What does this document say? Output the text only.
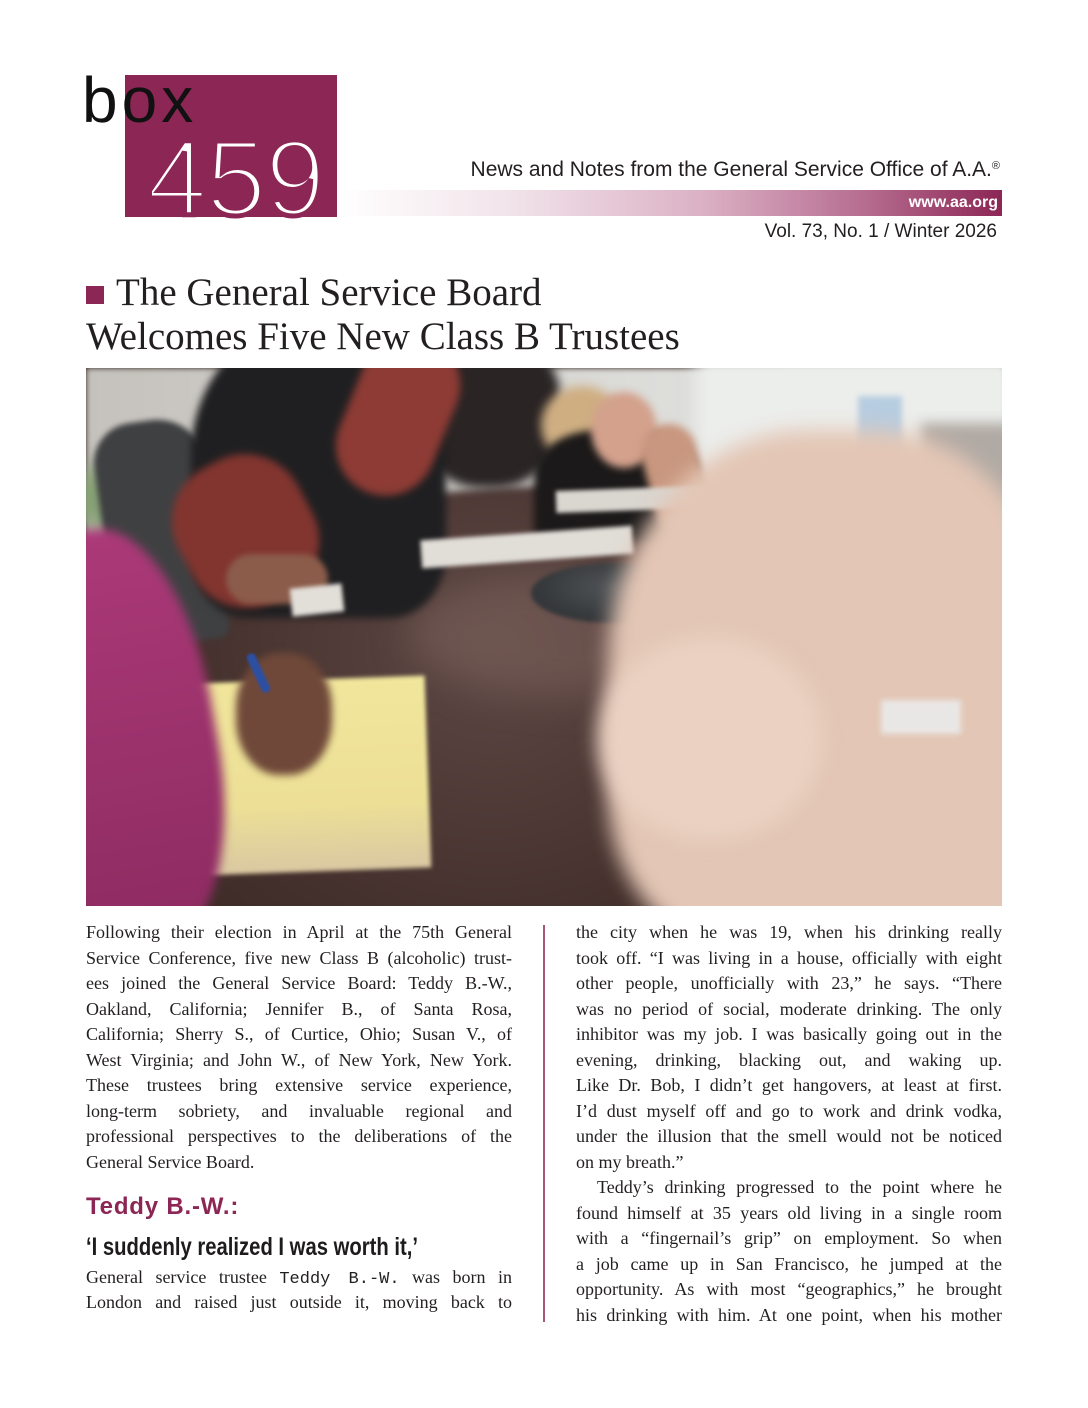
box
459	News and Notes from the General Service Office of A.A.®
www.aa.org
Vol. 73, No. 1 / Winter 2026
The General Service Board
Welcomes Five New Class B Trustees
Following their election in April at the 75th General
Service Conference, five new Class B (alcoholic) trust-
ees joined the General Service Board: Teddy B.-W.,
Oakland, California; Jennifer B., of Santa Rosa,
California; Sherry S., of Curtice, Ohio; Susan V., of
West Virginia; and John W., of New York, New York.
These trustees bring extensive service experience,
long-term sobriety, and invaluable regional and
professional perspectives to the deliberations of the
General Service Board.
Teddy B.-W.:
‘I suddenly realized I was worth it,’
General service trustee Teddy B.-W. was born in
London and raised just outside it, moving back to
the city when he was 19, when his drinking really
took off. “I was living in a house, officially with eight
other people, unofficially with 23,” he says. “There
was no period of social, moderate drinking. The only
inhibitor was my job. I was basically going out in the
evening, drinking, blacking out, and waking up.
Like Dr. Bob, I didn’t get hangovers, at least at first.
I’d dust myself off and go to work and drink vodka,
under the illusion that the smell would not be noticed
on my breath.”
Teddy’s drinking progressed to the point where he
found himself at 35 years old living in a single room
with a “fingernail’s grip” on employment. So when
a job came up in San Francisco, he jumped at the
opportunity. As with most “geographics,” he brought
his drinking with him. At one point, when his mother
